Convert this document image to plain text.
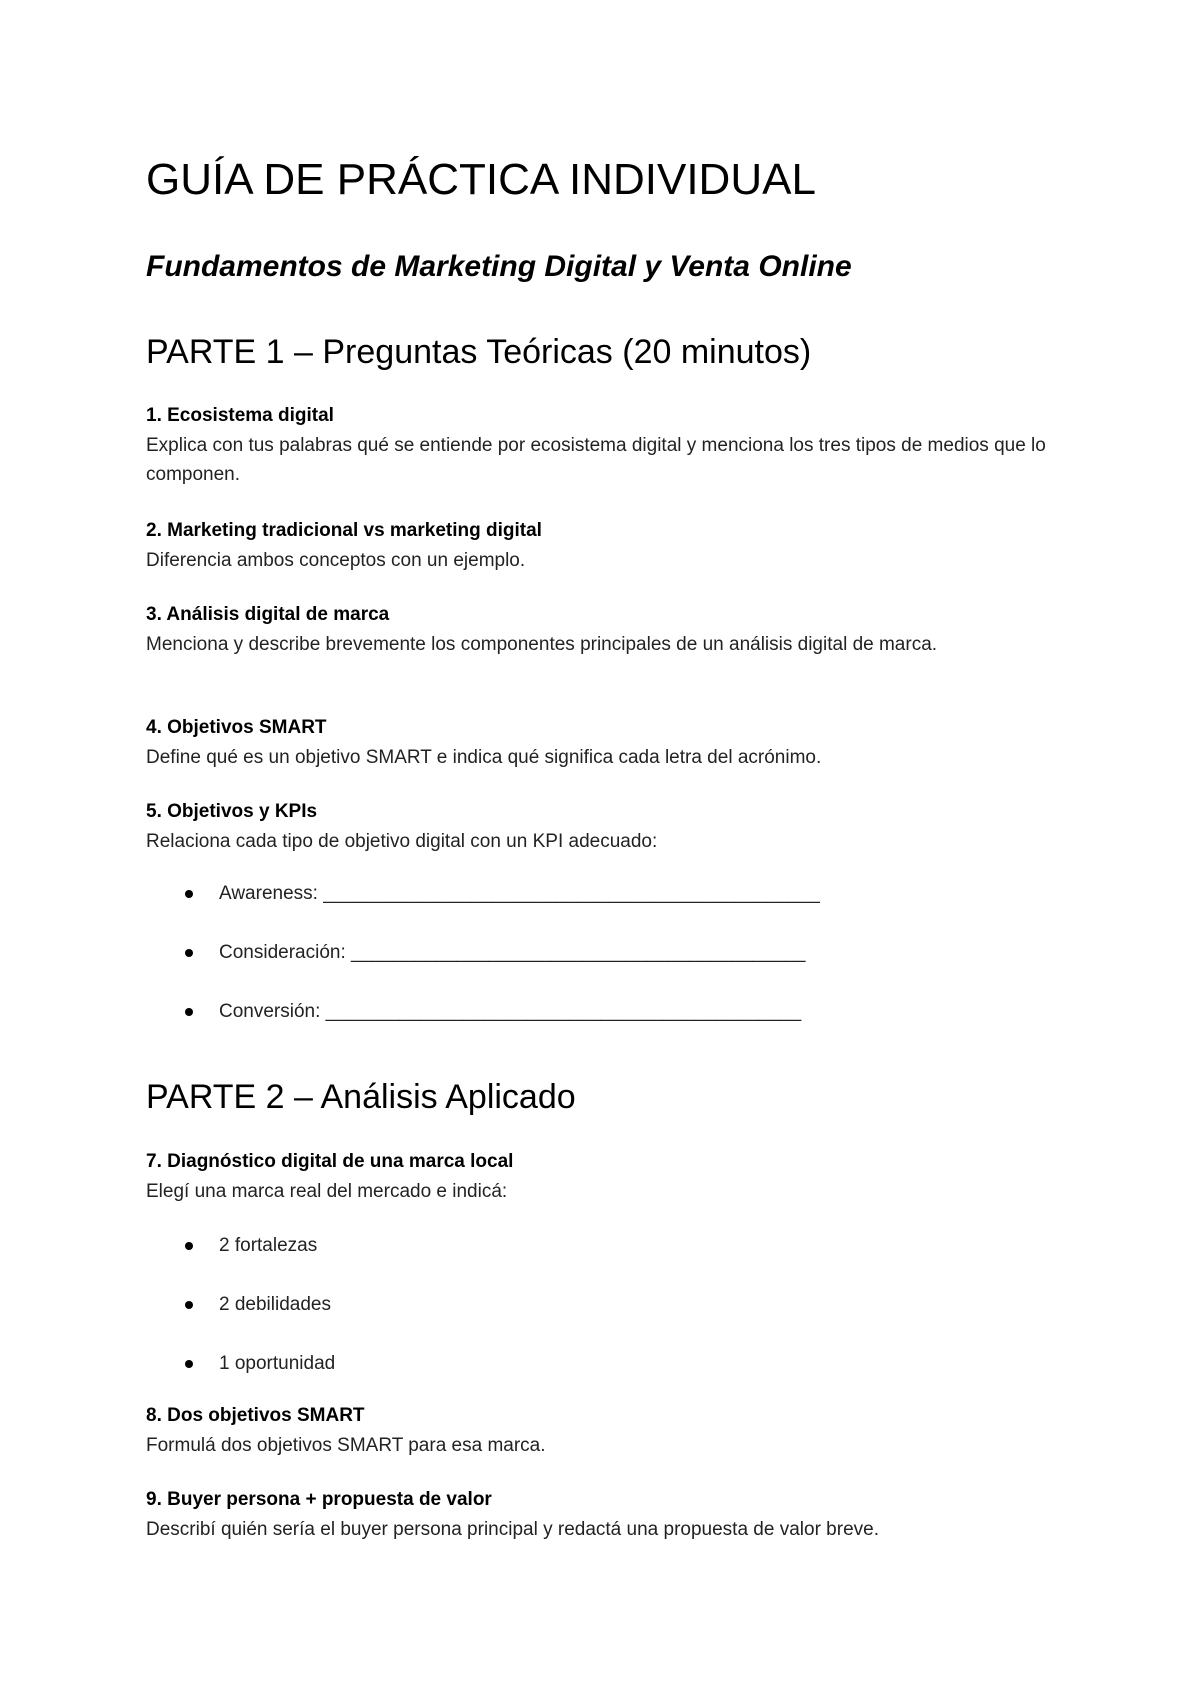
GUÍA DE PRÁCTICA INDIVIDUAL
Fundamentos de Marketing Digital y Venta Online
PARTE 1 – Preguntas Teóricas (20 minutos)
1. Ecosistema digital
Explica con tus palabras qué se entiende por ecosistema digital y menciona los tres tipos de medios que lo componen.
2. Marketing tradicional vs marketing digital
Diferencia ambos conceptos con un ejemplo.
3. Análisis digital de marca
Menciona y describe brevemente los componentes principales de un análisis digital de marca.
4. Objetivos SMART
Define qué es un objetivo SMART e indica qué significa cada letra del acrónimo.
5. Objetivos y KPIs
Relaciona cada tipo de objetivo digital con un KPI adecuado:
Awareness: _______________________________________________
Consideración: ___________________________________________
Conversión: _____________________________________________
PARTE 2 – Análisis Aplicado
7. Diagnóstico digital de una marca local
Elegí una marca real del mercado e indicá:
2 fortalezas
2 debilidades
1 oportunidad
8. Dos objetivos SMART
Formulá dos objetivos SMART para esa marca.
9. Buyer persona + propuesta de valor
Describí quién sería el buyer persona principal y redactá una propuesta de valor breve.
